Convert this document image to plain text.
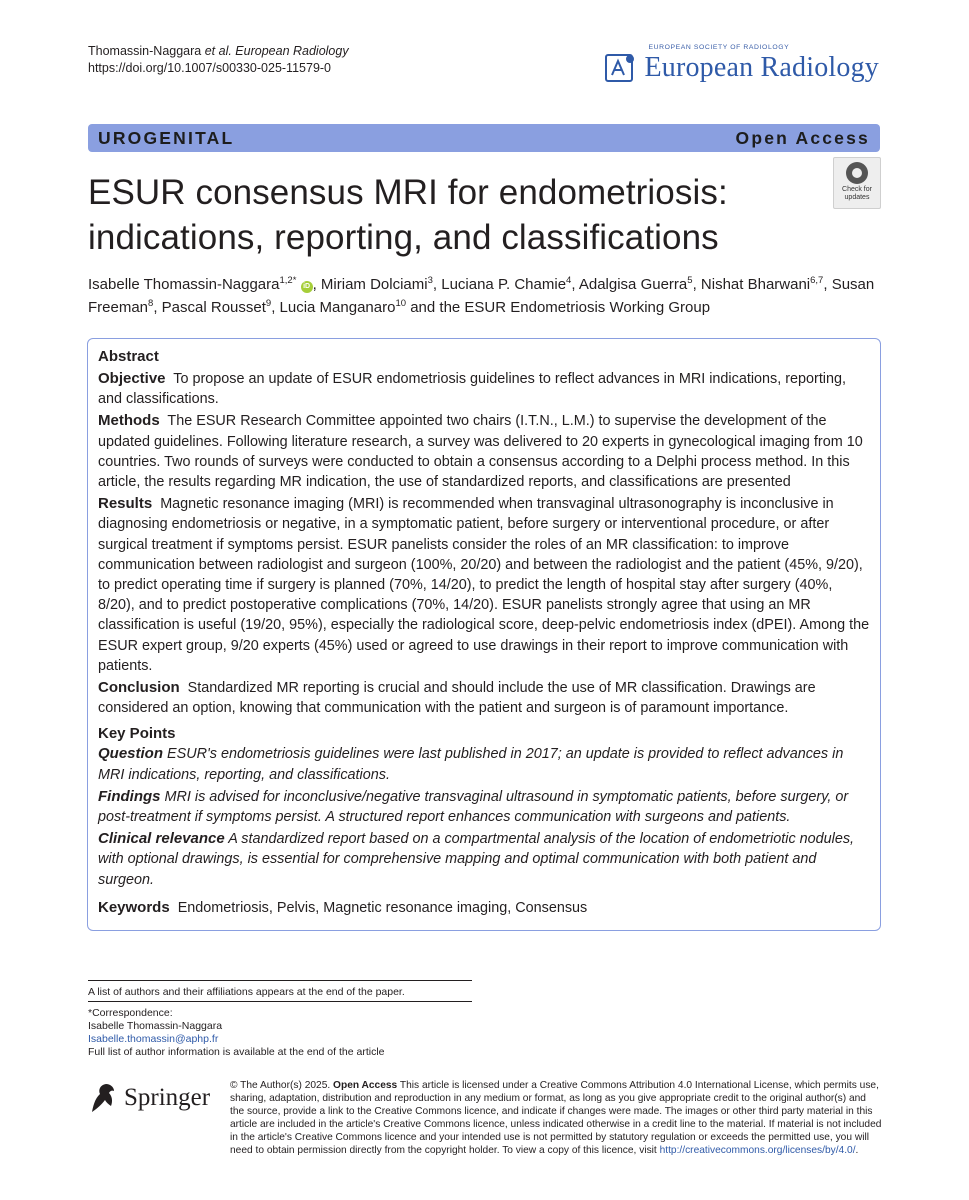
Thomassin-Naggara et al. European Radiology
https://doi.org/10.1007/s00330-025-11579-0
EUROPEAN SOCIETY OF RADIOLOGY
European Radiology
UROGENITAL	Open Access
ESUR consensus MRI for endometriosis: indications, reporting, and classifications
Check for updates
Isabelle Thomassin-Naggara$^{1,2*}$ iD , Miriam Dolciami$^3$, Luciana P. Chamie$^4$, Adalgisa Guerra$^5$, Nishat Bharwani$^{6,7}$, Susan Freeman$^8$, Pascal Rousset$^9$, Lucia Manganaro$^{10}$ and the ESUR Endometriosis Working Group
Abstract

Objective To propose an update of ESUR endometriosis guidelines to reflect advances in MRI indications, reporting, and classifications.

Methods The ESUR Research Committee appointed two chairs (I.T.N., L.M.) to supervise the development of the updated guidelines. Following literature research, a survey was delivered to 20 experts in gynecological imaging from 10 countries. Two rounds of surveys were conducted to obtain a consensus according to a Delphi process method. In this article, the results regarding MR indication, the use of standardized reports, and classifications are presented

Results Magnetic resonance imaging (MRI) is recommended when transvaginal ultrasonography is inconclusive in diagnosing endometriosis or negative, in a symptomatic patient, before surgery or interventional procedure, or after surgical treatment if symptoms persist. ESUR panelists consider the roles of an MR classification: to improve communication between radiologist and surgeon (100%, 20/20) and between the radiologist and the patient (45%, 9/20), to predict operating time if surgery is planned (70%, 14/20), to predict the length of hospital stay after surgery (40%, 8/20), and to predict postoperative complications (70%, 14/20). ESUR panelists strongly agree that using an MR classification is useful (19/20, 95%), especially the radiological score, deep-pelvic endometriosis index (dPEI). Among the ESUR expert group, 9/20 experts (45%) used or agreed to use drawings in their report to improve communication with patients.

Conclusion Standardized MR reporting is crucial and should include the use of MR classification. Drawings are considered an option, knowing that communication with the patient and surgeon is of paramount importance.

Key Points

Question ESUR's endometriosis guidelines were last published in 2017; an update is provided to reflect advances in MRI indications, reporting, and classifications.

Findings MRI is advised for inconclusive/negative transvaginal ultrasound in symptomatic patients, before surgery, or post-treatment if symptoms persist. A structured report enhances communication with surgeons and patients.

Clinical relevance A standardized report based on a compartmental analysis of the location of endometriotic nodules, with optional drawings, is essential for comprehensive mapping and optimal communication with both patient and surgeon.

Keywords Endometriosis, Pelvis, Magnetic resonance imaging, Consensus

A list of authors and their affiliations appears at the end of the paper.
*Correspondence:
Isabelle Thomassin-Naggara
Isabelle.thomassin@aphp.fr
Full list of author information is available at the end of the article
Springer © The Author(s) 2025. Open Access This article is licensed under a Creative Commons Attribution 4.0 International License, which permits use, sharing, adaptation, distribution and reproduction in any medium or format, as long as you give appropriate credit to the original author(s) and the source, provide a link to the Creative Commons licence, and indicate if changes were made. The images or other third party material in this article are included in the article's Creative Commons licence, unless indicated otherwise in a credit line to the material. If material is not included in the article's Creative Commons licence and your intended use is not permitted by statutory regulation or exceeds the permitted use, you will need to obtain permission directly from the copyright holder. To view a copy of this licence, visit http://creativecommons.org/licenses/by/4.0/.
